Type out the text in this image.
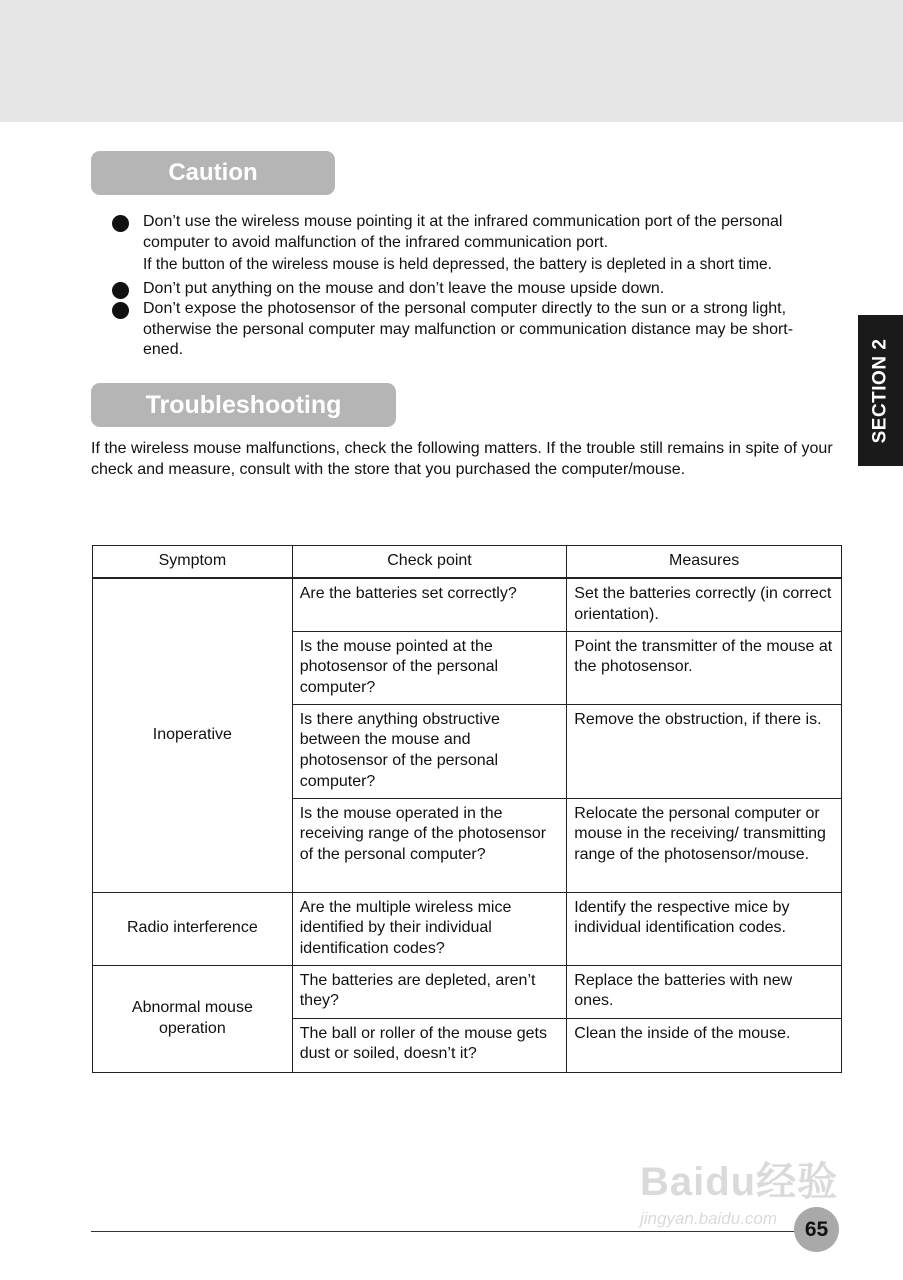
Caution
Don’t use the wireless mouse pointing it at the infrared communication port of the personal computer to avoid malfunction of the infrared communication port.
If the button of the wireless mouse is held depressed, the battery is depleted in a short time.
Don’t put anything on the mouse and don’t leave the mouse upside down.
Don’t expose the photosensor of the personal computer directly to the sun or a strong light, otherwise the personal computer may malfunction or communication distance may be short-ened.
Troubleshooting
If the wireless mouse malfunctions, check the following matters. If the trouble still remains in spite of your check and measure, consult with the store that you purchased the computer/mouse.
SECTION 2
Symptom	Check point	Measures
Inoperative	Are the batteries set correctly?	Set the batteries correctly (in correct orientation).
	Is the mouse pointed at the photosensor of the personal computer?	Point the transmitter of the mouse at the photosensor.
	Is there anything obstructive between the mouse and photosensor of the personal computer?	Remove the obstruction, if there is.
	Is the mouse operated in the receiving range of the photosensor of the personal computer?	Relocate the personal computer or mouse in the receiving/ transmitting range of the photosensor/mouse.
Radio interference	Are the multiple wireless mice identified by their individual identification codes?	Identify the respective mice by individual identification codes.
Abnormal mouse operation	The batteries are depleted, aren’t they?	Replace the batteries with new ones.
	The ball or roller of the mouse gets dust or soiled, doesn’t it?	Clean the inside of the mouse.
Baidu经验
jingyan.baidu.com	65
